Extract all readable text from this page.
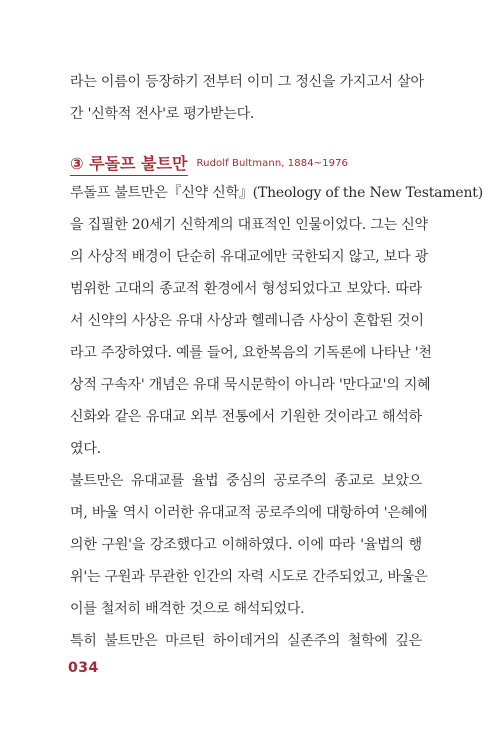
라는 이름이 등장하기 전부터 이미 그 정신을 가지고서 살아
간 '신학적 전사'로 평가받는다.
③ 루돌프 불트만 Rudolf Bultmann, 1884~1976
루돌프 불트만은『신약 신학』(Theology of the New Testament)
을 집필한 20세기 신학계의 대표적인 인물이었다. 그는 신약
의 사상적 배경이 단순히 유대교에만 국한되지 않고, 보다 광
범위한 고대의 종교적 환경에서 형성되었다고 보았다. 따라
서 신약의 사상은 유대 사상과 헬레니즘 사상이 혼합된 것이
라고 주장하였다. 예를 들어, 요한복음의 기독론에 나타난 '천
상적 구속자' 개념은 유대 묵시문학이 아니라 '만다교'의 지혜
신화와 같은 유대교 외부 전통에서 기원한 것이라고 해석하
였다.
불트만은 유대교를 율법 중심의 공로주의 종교로 보았으
며, 바울 역시 이러한 유대교적 공로주의에 대항하여 '은혜에
의한 구원'을 강조했다고 이해하였다. 이에 따라 '율법의 행
위'는 구원과 무관한 인간의 자력 시도로 간주되었고, 바울은
이를 철저히 배격한 것으로 해석되었다.
특히 불트만은 마르틴 하이데거의 실존주의 철학에 깊은
034
